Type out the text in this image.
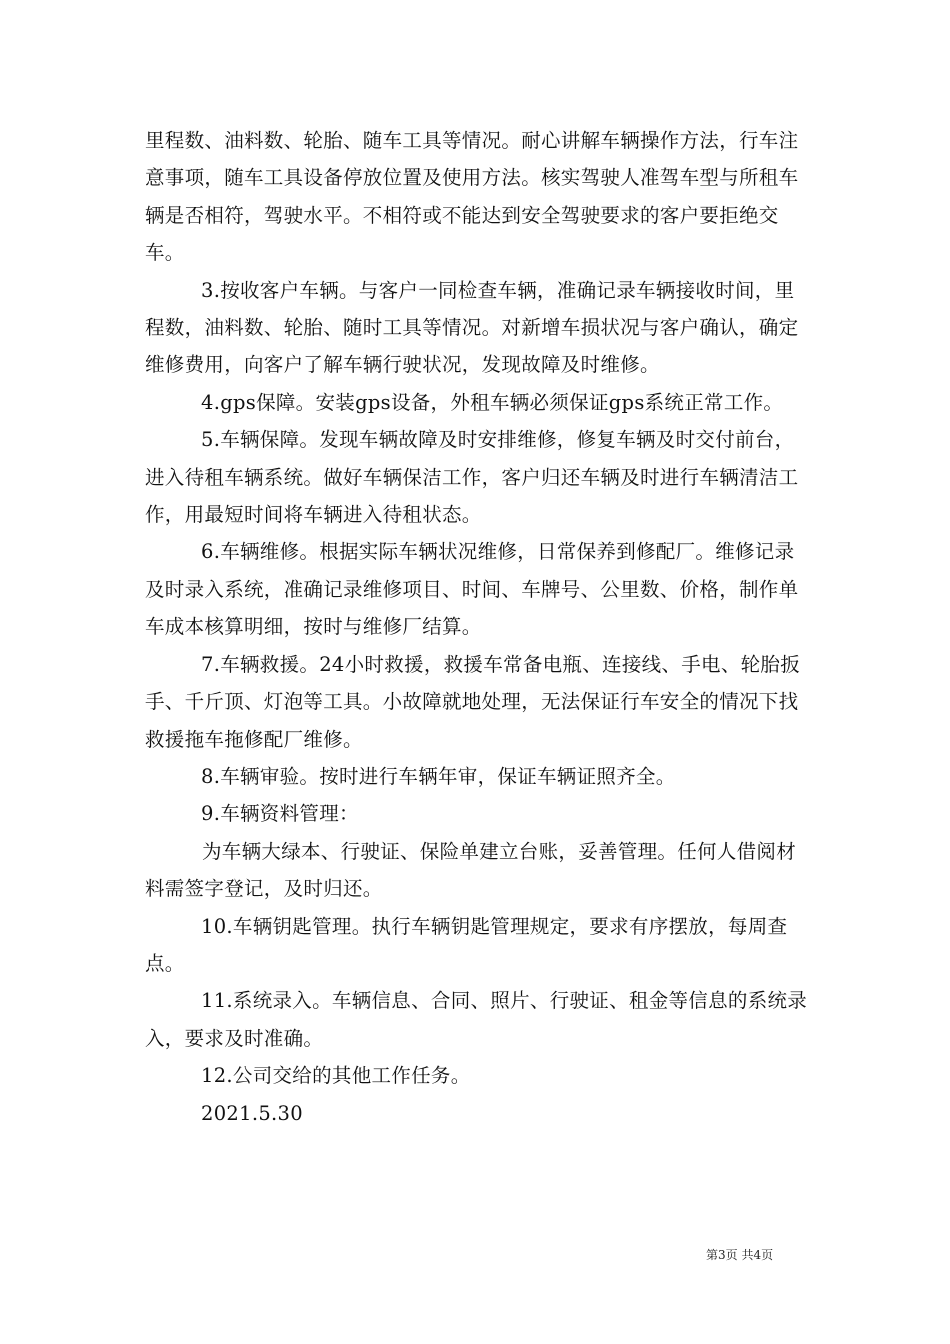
里程数、油料数、轮胎、随车工具等情况。耐心讲解车辆操作方法，行车注意事项，随车工具设备停放位置及使用方法。核实驾驶人准驾车型与所租车辆是否相符，驾驶水平。不相符或不能达到安全驾驶要求的客户要拒绝交车。

3.按收客户车辆。与客户一同检查车辆，准确记录车辆接收时间，里程数，油料数、轮胎、随时工具等情况。对新增车损状况与客户确认，确定维修费用，向客户了解车辆行驶状况，发现故障及时维修。

4.gps保障。安装gps设备，外租车辆必须保证gps系统正常工作。

5.车辆保障。发现车辆故障及时安排维修，修复车辆及时交付前台，进入待租车辆系统。做好车辆保洁工作，客户归还车辆及时进行车辆清洁工作，用最短时间将车辆进入待租状态。

6.车辆维修。根据实际车辆状况维修，日常保养到修配厂。维修记录及时录入系统，准确记录维修项目、时间、车牌号、公里数、价格，制作单车成本核算明细，按时与维修厂结算。

7.车辆救援。24小时救援，救援车常备电瓶、连接线、手电、轮胎扳手、千斤顶、灯泡等工具。小故障就地处理，无法保证行车安全的情况下找救援拖车拖修配厂维修。

8.车辆审验。按时进行车辆年审，保证车辆证照齐全。

9.车辆资料管理：

为车辆大绿本、行驶证、保险单建立台账，妥善管理。任何人借阅材料需签字登记，及时归还。

10.车辆钥匙管理。执行车辆钥匙管理规定，要求有序摆放，每周查点。

11.系统录入。车辆信息、合同、照片、行驶证、租金等信息的系统录入，要求及时准确。

12.公司交给的其他工作任务。

2021.5.30

第3页 共4页
